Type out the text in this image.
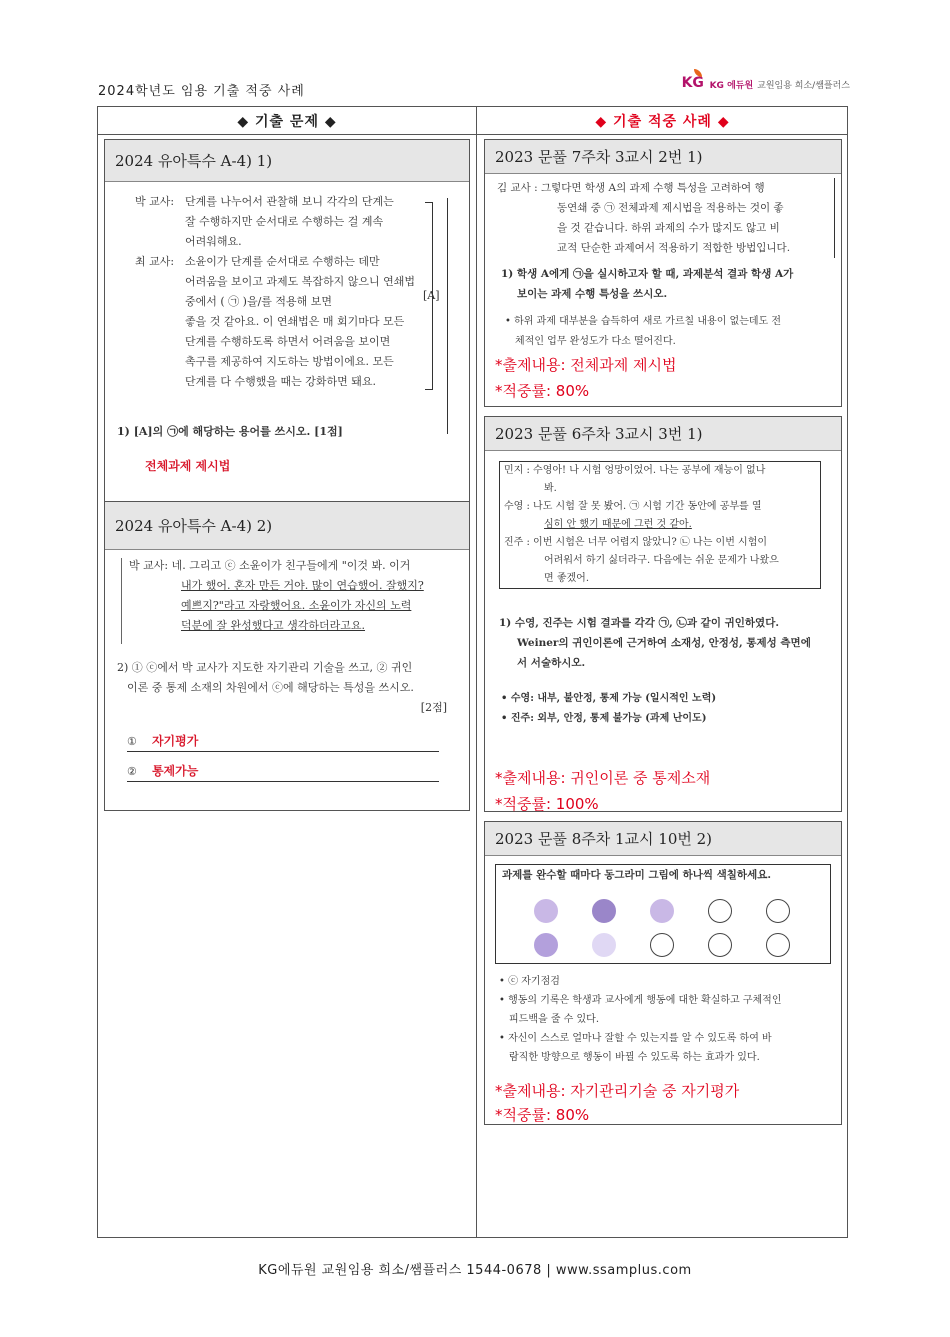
2024학년도 임용 기출 적중 사례
KG KG 에듀원 교원임용 희소/쌤플러스
◆ 기출 문제 ◆	◆ 기출 적중 사례 ◆
2024 유아특수 A-4) 1)
박 교사: 단계를 나누어서 관찰해 보니 각각의 단계는
잘 수행하지만 순서대로 수행하는 걸 계속
어려워해요.
최 교사: 소윤이가 단계를 순서대로 수행하는 데만
어려움을 보이고 과제도 복잡하지 않으니 연쇄법
중에서 ( ㉠ )을/를 적용해 보면
좋을 것 같아요. 이 연쇄법은 매 회기마다 모든
단계를 수행하도록 하면서 어려움을 보이면
촉구를 제공하여 지도하는 방법이에요. 모든
단계를 다 수행했을 때는 강화하면 돼요.
[A]
1) [A]의 ㉠에 해당하는 용어를 쓰시오. [1점]
전체과제 제시법
2024 유아특수 A-4) 2)
박 교사: 네. 그리고 ⓒ 소윤이가 친구들에게 "이것 봐. 이거
내가 했어. 혼자 만든 거야. 많이 연습했어. 잘했지?
예쁘지?"라고 자랑했어요. 소윤이가 자신의 노력
덕분에 잘 완성했다고 생각하더라고요.
2) ① ⓒ에서 박 교사가 지도한 자기관리 기술을 쓰고, ② 귀인
이론 중 통제 소재의 차원에서 ⓒ에 해당하는 특성을 쓰시오.
[2점]
① 자기평가
② 통제가능
2023 문풀 7주차 3교시 2번 1)
김 교사 : 그렇다면 학생 A의 과제 수행 특성을 고려하여 행
동연쇄 중 ㉠ 전체과제 제시법을 적용하는 것이 좋
을 것 같습니다. 하위 과제의 수가 많지도 않고 비
교적 단순한 과제여서 적용하기 적합한 방법입니다.
1) 학생 A에게 ㉠을 실시하고자 할 때, 과제분석 결과 학생 A가
보이는 과제 수행 특성을 쓰시오.
• 하위 과제 대부분을 습득하여 새로 가르칠 내용이 없는데도 전
체적인 업무 완성도가 다소 떨어진다.
*출제내용: 전체과제 제시법
*적중률: 80%
2023 문풀 6주차 3교시 3번 1)
민지 : 수영아! 나 시험 엉망이었어. 나는 공부에 재능이 없나
봐.
수영 : 나도 시험 잘 못 봤어. ㉠ 시험 기간 동안에 공부를 열
심히 안 했기 때문에 그런 것 같아.
진주 : 이번 시험은 너무 어렵지 않았니? ㉡ 나는 이번 시험이
어려워서 하기 싫더라구. 다음에는 쉬운 문제가 나왔으
면 좋겠어.
1) 수영, 진주는 시험 결과를 각각 ㉠, ㉡과 같이 귀인하였다.
Weiner의 귀인이론에 근거하여 소재성, 안정성, 통제성 측면에
서 서술하시오.
• 수영: 내부, 불안정, 통제 가능 (일시적인 노력)
• 진주: 외부, 안정, 통제 불가능 (과제 난이도)
*출제내용: 귀인이론 중 통제소재
*적중률: 100%
2023 문풀 8주차 1교시 10번 2)
과제를 완수할 때마다 동그라미 그림에 하나씩 색칠하세요.
• ⓒ 자기점검
• 행동의 기록은 학생과 교사에게 행동에 대한 확실하고 구체적인
피드백을 줄 수 있다.
• 자신이 스스로 얼마나 잘할 수 있는지를 알 수 있도록 하여 바
람직한 방향으로 행동이 바뀔 수 있도록 하는 효과가 있다.
*출제내용: 자기관리기술 중 자기평가
*적중률: 80%
KG에듀원 교원임용 희소/쌤플러스 1544-0678 | www.ssamplus.com
